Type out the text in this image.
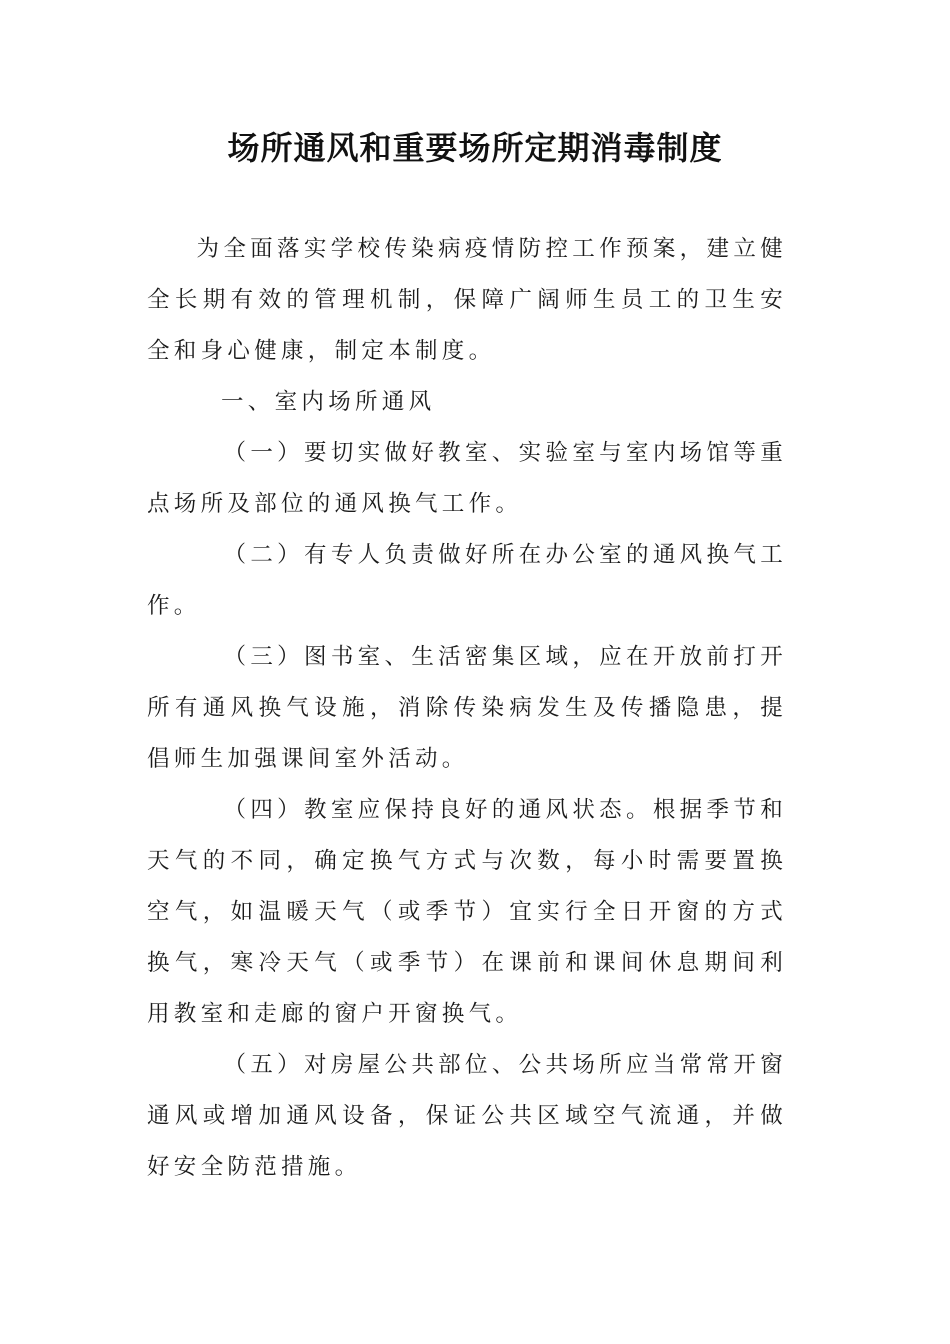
场所通风和重要场所定期消毒制度

为全面落实学校传染病疫情防控工作预案，建立健全长期有效的管理机制，保障广阔师生员工的卫生安全和身心健康，制定本制度。

一、室内场所通风

（一）要切实做好教室、实验室与室内场馆等重点场所及部位的通风换气工作。

（二）有专人负责做好所在办公室的通风换气工作。

（三）图书室、生活密集区域，应在开放前打开所有通风换气设施，消除传染病发生及传播隐患，提倡师生加强课间室外活动。

（四）教室应保持良好的通风状态。根据季节和天气的不同，确定换气方式与次数，每小时需要置换空气，如温暖天气（或季节）宜实行全日开窗的方式换气，寒冷天气（或季节）在课前和课间休息期间利用教室和走廊的窗户开窗换气。

（五）对房屋公共部位、公共场所应当常常开窗通风或增加通风设备，保证公共区域空气流通，并做好安全防范措施。
